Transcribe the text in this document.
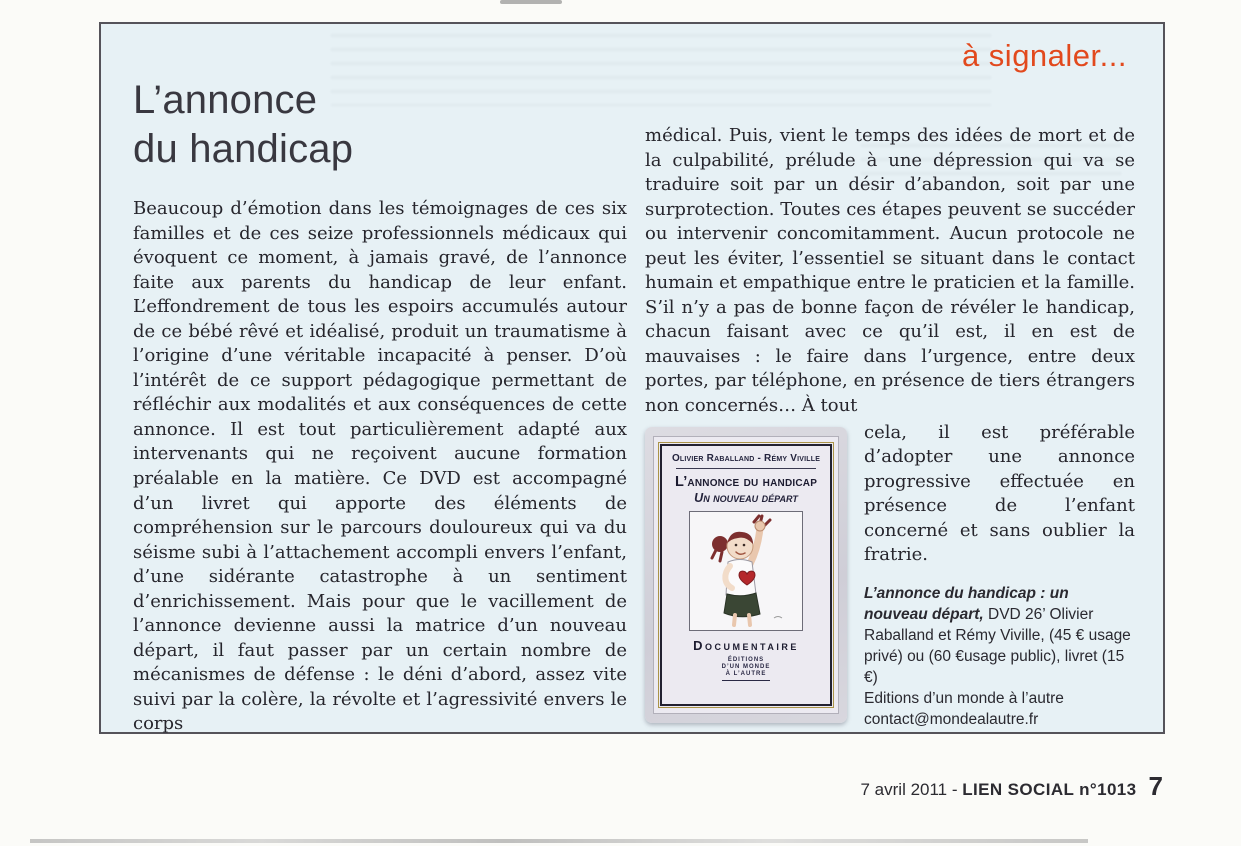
à signaler...
L’annonce
du handicap

Beaucoup d’émotion dans les témoignages de ces six familles et de ces seize professionnels médicaux qui évoquent ce moment, à jamais gravé, de l’annonce faite aux parents du handicap de leur enfant. L’effondrement de tous les espoirs accumulés autour de ce bébé rêvé et idéalisé, produit un traumatisme à l’origine d’une véritable incapacité à penser. D’où l’intérêt de ce support pédagogique permettant de réfléchir aux modalités et aux conséquences de cette annonce. Il est tout particulièrement adapté aux intervenants qui ne reçoivent aucune formation préalable en la matière. Ce DVD est accompagné d’un livret qui apporte des éléments de compréhension sur le parcours douloureux qui va du séisme subi à l’attachement accompli envers l’enfant, d’une sidérante catastrophe à un sentiment d’enrichissement. Mais pour que le vacillement de l’annonce devienne aussi la matrice d’un nouveau départ, il faut passer par un certain nombre de mécanismes de défense : le déni d’abord, assez vite suivi par la colère, la révolte et l’agressivité envers le corps

médical. Puis, vient le temps des idées de mort et de la culpabilité, prélude à une dépression qui va se traduire soit par un désir d’abandon, soit par une surprotection. Toutes ces étapes peuvent se succéder ou intervenir concomitamment. Aucun protocole ne peut les éviter, l’essentiel se situant dans le contact humain et empathique entre le praticien et la famille. S’il n’y a pas de bonne façon de révéler le handicap, chacun faisant avec ce qu’il est, il en est de mauvaises : le faire dans l’urgence, entre deux portes, par téléphone, en présence de tiers étrangers non concernés… À tout

Olivier Raballand - Rémy Viville
L’annonce du handicap
Un nouveau départ
Documentaire
ÉDITIONS
D’UN MONDE
À L’AUTRE

cela, il est préférable d’adopter une annonce progressive effectuée en présence de l’enfant concerné et sans oublier la fratrie.

L’annonce du handicap : un nouveau départ, DVD 26’ Olivier Raballand et Rémy Viville, (45 € usage privé) ou (60 €usage public), livret (15 €)
Editions d’un monde à l’autre
contact@mondealautre.fr

7 avril 2011 - LIEN SOCIAL n°1013 7
